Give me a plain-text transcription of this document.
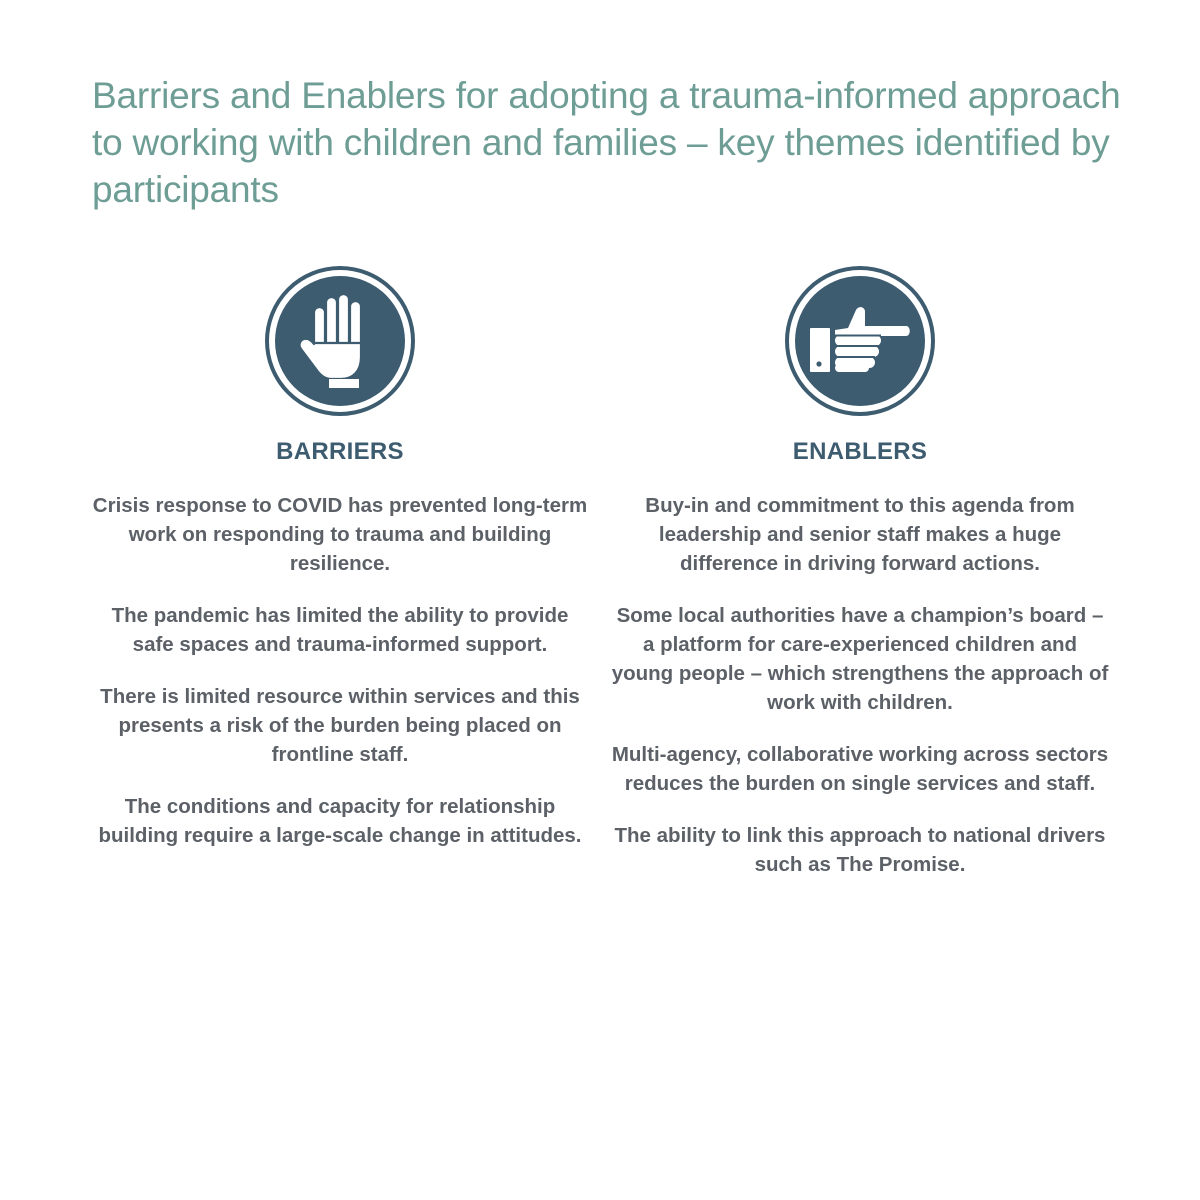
Barriers and Enablers for adopting a trauma-informed approach to working with children and families – key themes identified by participants
BARRIERS
Crisis response to COVID has prevented long-term work on responding to trauma and building resilience.
The pandemic has limited the ability to provide safe spaces and trauma-informed support.
There is limited resource within services and this presents a risk of the burden being placed on frontline staff.
The conditions and capacity for relationship building require a large-scale change in attitudes.
ENABLERS
Buy-in and commitment to this agenda from leadership and senior staff makes a huge difference in driving forward actions.
Some local authorities have a champion’s board – a platform for care-experienced children and young people – which strengthens the approach of work with children.
Multi-agency, collaborative working across sectors reduces the burden on single services and staff.
The ability to link this approach to national drivers such as The Promise.
